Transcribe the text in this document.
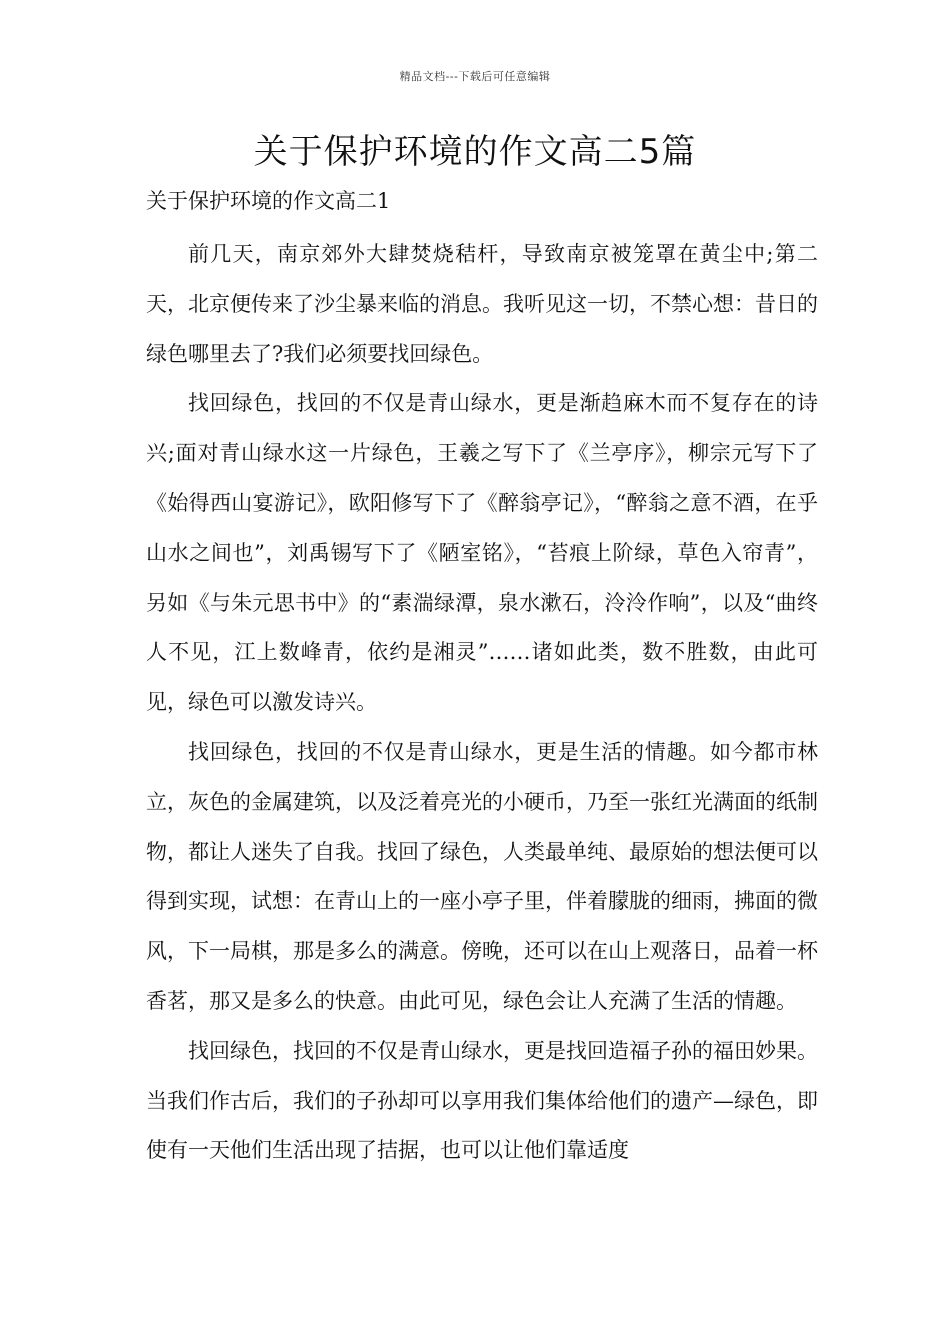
精品文档---下载后可任意编辑
关于保护环境的作文高二5篇
关于保护环境的作文高二1

前几天，南京郊外大肆焚烧秸杆，导致南京被笼罩在黄尘中;第二天，北京便传来了沙尘暴来临的消息。我听见这一切，不禁心想：昔日的绿色哪里去了?我们必须要找回绿色。

找回绿色，找回的不仅是青山绿水，更是渐趋麻木而不复存在的诗兴;面对青山绿水这一片绿色，王羲之写下了《兰亭序》，柳宗元写下了《始得西山宴游记》，欧阳修写下了《醉翁亭记》，“醉翁之意不酒，在乎山水之间也”，刘禹锡写下了《陋室铭》，“苔痕上阶绿，草色入帘青”，另如《与朱元思书中》的“素湍绿潭，泉水漱石，泠泠作响”，以及“曲终人不见，江上数峰青，依约是湘灵”……诸如此类，数不胜数，由此可见，绿色可以激发诗兴。

找回绿色，找回的不仅是青山绿水，更是生活的情趣。如今都市林立，灰色的金属建筑，以及泛着亮光的小硬币，乃至一张红光满面的纸制物，都让人迷失了自我。找回了绿色，人类最单纯、最原始的想法便可以得到实现，试想：在青山上的一座小亭子里，伴着朦胧的细雨，拂面的微风，下一局棋，那是多么的满意。傍晚，还可以在山上观落日，品着一杯香茗，那又是多么的快意。由此可见，绿色会让人充满了生活的情趣。

找回绿色，找回的不仅是青山绿水，更是找回造福子孙的福田妙果。当我们作古后，我们的子孙却可以享用我们集体给他们的遗产—绿色，即使有一天他们生活出现了拮据，也可以让他们靠适度
